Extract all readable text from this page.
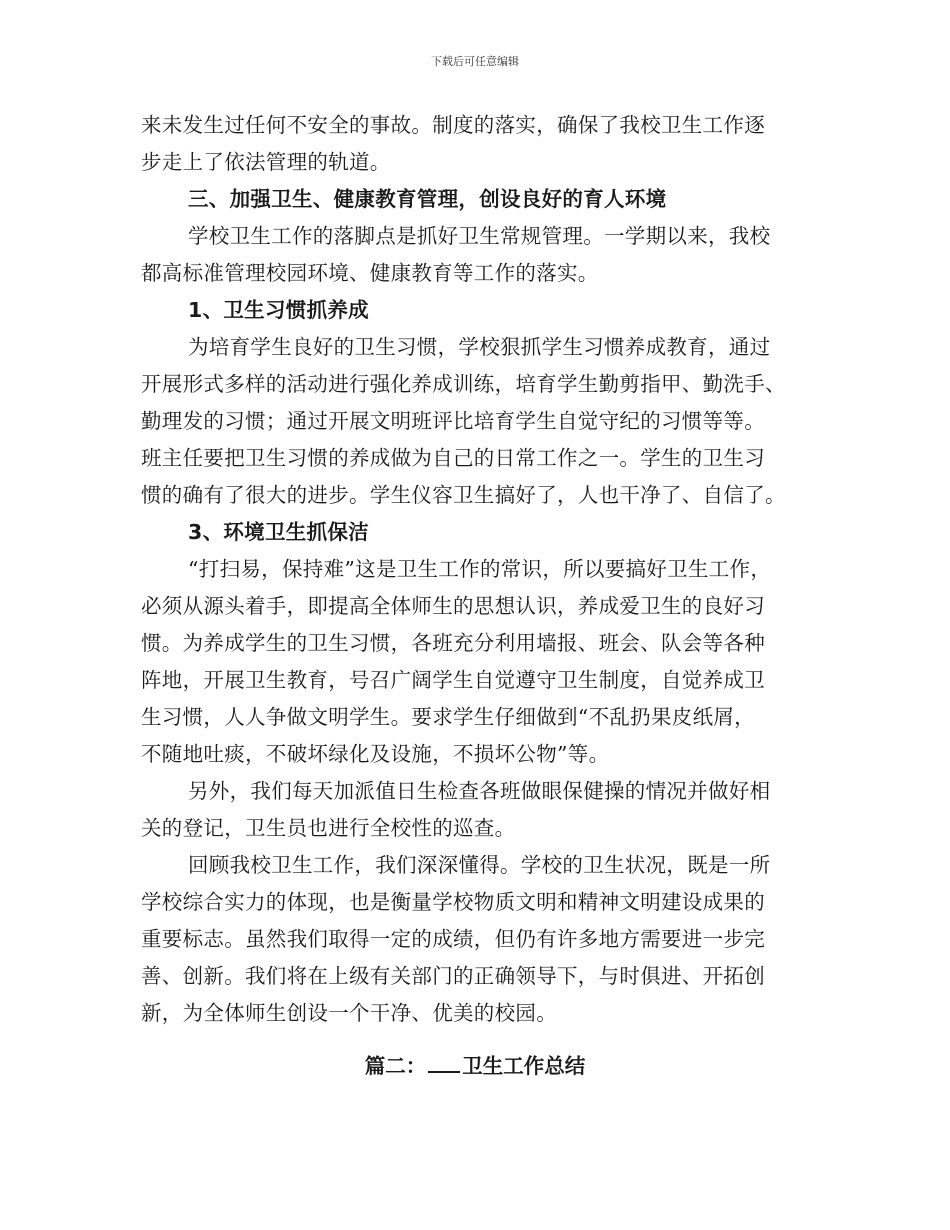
下载后可任意编辑
来未发生过任何不安全的事故。制度的落实，确保了我校卫生工作逐
步走上了依法管理的轨道。
三、加强卫生、健康教育管理，创设良好的育人环境
学校卫生工作的落脚点是抓好卫生常规管理。一学期以来，我校
都高标准管理校园环境、健康教育等工作的落实。
1、卫生习惯抓养成
为培育学生良好的卫生习惯，学校狠抓学生习惯养成教育，通过
开展形式多样的活动进行强化养成训练，培育学生勤剪指甲、勤洗手、
勤理发的习惯；通过开展文明班评比培育学生自觉守纪的习惯等等。
班主任要把卫生习惯的养成做为自己的日常工作之一。学生的卫生习
惯的确有了很大的进步。学生仪容卫生搞好了，人也干净了、自信了。
3、环境卫生抓保洁
“打扫易，保持难”这是卫生工作的常识，所以要搞好卫生工作，
必须从源头着手，即提高全体师生的思想认识，养成爱卫生的良好习
惯。为养成学生的卫生习惯，各班充分利用墙报、班会、队会等各种
阵地，开展卫生教育，号召广阔学生自觉遵守卫生制度，自觉养成卫
生习惯，人人争做文明学生。要求学生仔细做到“不乱扔果皮纸屑，
不随地吐痰，不破坏绿化及设施，不损坏公物”等。
另外，我们每天加派值日生检查各班做眼保健操的情况并做好相
关的登记，卫生员也进行全校性的巡查。
回顾我校卫生工作，我们深深懂得。学校的卫生状况，既是一所
学校综合实力的体现，也是衡量学校物质文明和精神文明建设成果的
重要标志。虽然我们取得一定的成绩，但仍有许多地方需要进一步完
善、创新。我们将在上级有关部门的正确领导下，与时俱进、开拓创
新，为全体师生创设一个干净、优美的校园。
篇二： 卫生工作总结
